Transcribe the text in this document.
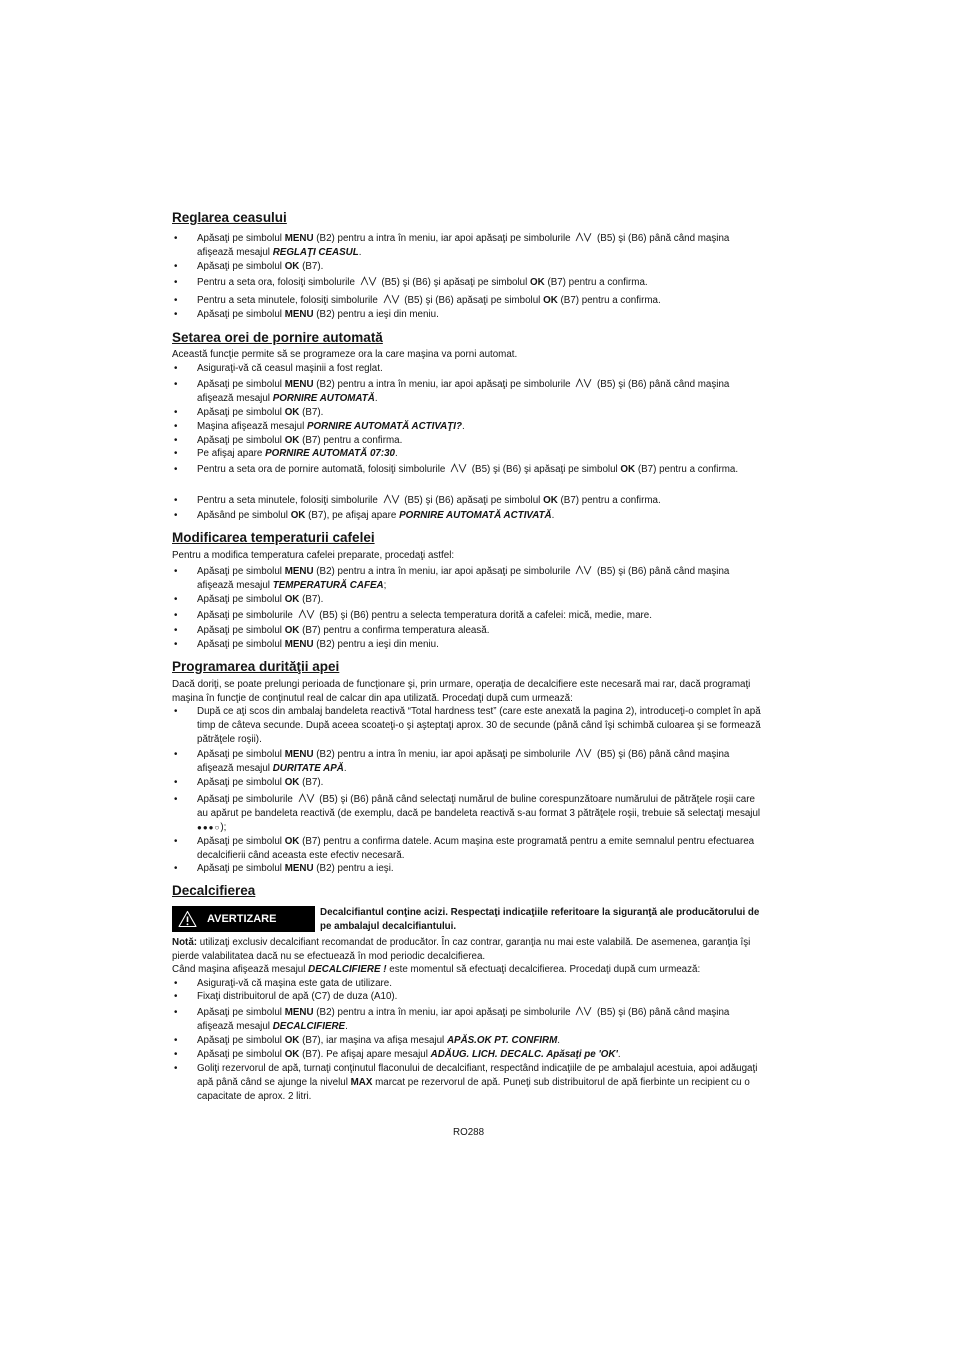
RO288
Reglarea ceasului
• Apăsaţi pe simbolul MENU (B2) pentru a intra în meniu, iar apoi apăsaţi pe simbolurile
(B5) şi (B6) până când maşina afişează mesajul REGLAŢI CEASUL.
• Apăsaţi pe simbolul OK (B7).
• Pentru a seta ora, folosiţi simbolurile
(B5) şi (B6) şi apăsaţi pe simbolul OK (B7) pentru a confirma.
• Pentru a seta minutele, folosiţi simbolurile
(B5) şi (B6) apăsaţi pe simbolul OK (B7) pentru a confirma.
• Apăsaţi pe simbolul MENU (B2) pentru a ieşi din meniu.
Setarea orei de pornire automată
Această funcţie permite să se programeze ora la care maşina va porni automat.
• Asiguraţi-vă că ceasul maşinii a fost reglat.
• Apăsaţi pe simbolul MENU (B2) pentru a intra în meniu, iar apoi apăsaţi pe simbolurile
(B5) şi (B6) până când maşina afişează mesajul PORNIRE AUTOMATĂ.
• Apăsaţi pe simbolul OK (B7).
• Maşina afişează mesajul PORNIRE AUTOMATĂ ACTIVAŢI?.
• Apăsaţi pe simbolul OK (B7) pentru a confirma.
• Pe afişaj apare PORNIRE AUTOMATĂ 07:30.
• Pentru a seta ora de pornire automată, folosiţi simbolurile
(B5) şi (B6) şi apăsaţi pe simbolul OK (B7) pentru a confirma.
• Pentru a seta minutele, folosiţi simbolurile
(B5) şi (B6) apăsaţi pe simbolul OK (B7) pentru a confirma.
• Apăsând pe simbolul OK (B7), pe afişaj apare PORNIRE AUTOMATĂ ACTIVATĂ.
Modificarea temperaturii cafelei
Pentru a modifica temperatura cafelei preparate, procedaţi astfel:
• Apăsaţi pe simbolul MENU (B2) pentru a intra în meniu, iar apoi apăsaţi pe simbolurile
(B5) şi (B6) până când maşina afişează mesajul TEMPERATURĂ CAFEA;
• Apăsaţi pe simbolul OK (B7).
• Apăsaţi pe simbolurile
(B5) şi (B6) pentru a selecta temperatura dorită a cafelei: mică, medie, mare.
• Apăsaţi pe simbolul OK (B7) pentru a confirma temperatura aleasă.
• Apăsaţi pe simbolul MENU (B2) pentru a ieşi din meniu.
Programarea durităţii apei
Dacă doriţi, se poate prelungi perioada de funcţionare şi, prin urmare, operaţia de decalcifiere este necesară mai rar, dacă programaţi maşina în funcţie de conţinutul real de calcar din apa utilizată. Procedaţi după cum urmează:
• După ce aţi scos din ambalaj bandeleta reactivă “Total hardness test” (care este anexată la pagina 2), introduceţi-o complet în apă timp de câteva secunde. După aceea scoateţi-o şi aşteptaţi aprox. 30 de secunde (până când îşi schimbă culoarea şi se formează pătrăţele roşii).
• Apăsaţi pe simbolul MENU (B2) pentru a intra în meniu, iar apoi apăsaţi pe simbolurile
(B5) şi (B6) până când maşina afişează mesajul DURITATE APĂ.
• Apăsaţi pe simbolul OK (B7).
• Apăsaţi pe simbolurile
(B5) şi (B6) până când selectaţi numărul de buline corespunzătoare numărului de pătrăţele roşii care au apărut pe bandeleta reactivă (de exemplu, dacă pe bandeleta reactivă s-au format 3 pătrăţele roşii, trebuie să selectaţi mesajul ●●●○);
• Apăsaţi pe simbolul OK (B7) pentru a confirma datele. Acum maşina este programată pentru a emite semnalul pentru efectuarea decalcifierii când aceasta este efectiv necesară.
• Apăsaţi pe simbolul MENU (B2) pentru a ieşi.
Decalcifierea
AVERTIZARE
Decalcifiantul conţine acizi. Respectaţi indicaţiile referitoare la siguranţă ale producătorului de pe ambalajul decalcifiantului.
Notă: utilizaţi exclusiv decalcifiant recomandat de producător. În caz contrar, garanţia nu mai este valabilă. De asemenea, garanţia îşi pierde valabilitatea dacă nu se efectuează în mod periodic decalcifierea.
Când maşina afişează mesajul DECALCIFIERE ! este momentul să efectuaţi decalcifierea. Procedaţi după cum urmează:
• Asiguraţi-vă că maşina este gata de utilizare.
• Fixaţi distribuitorul de apă (C7) de duza (A10).
• Apăsaţi pe simbolul MENU (B2) pentru a intra în meniu, iar apoi apăsaţi pe simbolurile
(B5) şi (B6) până când maşina afişează mesajul DECALCIFIERE.
• Apăsaţi pe simbolul OK (B7), iar maşina va afişa mesajul APĂS.OK PT. CONFIRM.
• Apăsaţi pe simbolul OK (B7). Pe afişaj apare mesajul ADĂUG. LICH. DECALC. Apăsaţi pe 'OK'.
• Goliţi rezervorul de apă, turnaţi conţinutul flaconului de decalcifiant, respectând indicaţiile de pe ambalajul acestuia, apoi adăugaţi apă până când se ajunge la nivelul MAX marcat pe rezervorul de apă. Puneţi sub distribuitorul de apă fierbinte un recipient cu o capacitate de aprox. 2 litri.
